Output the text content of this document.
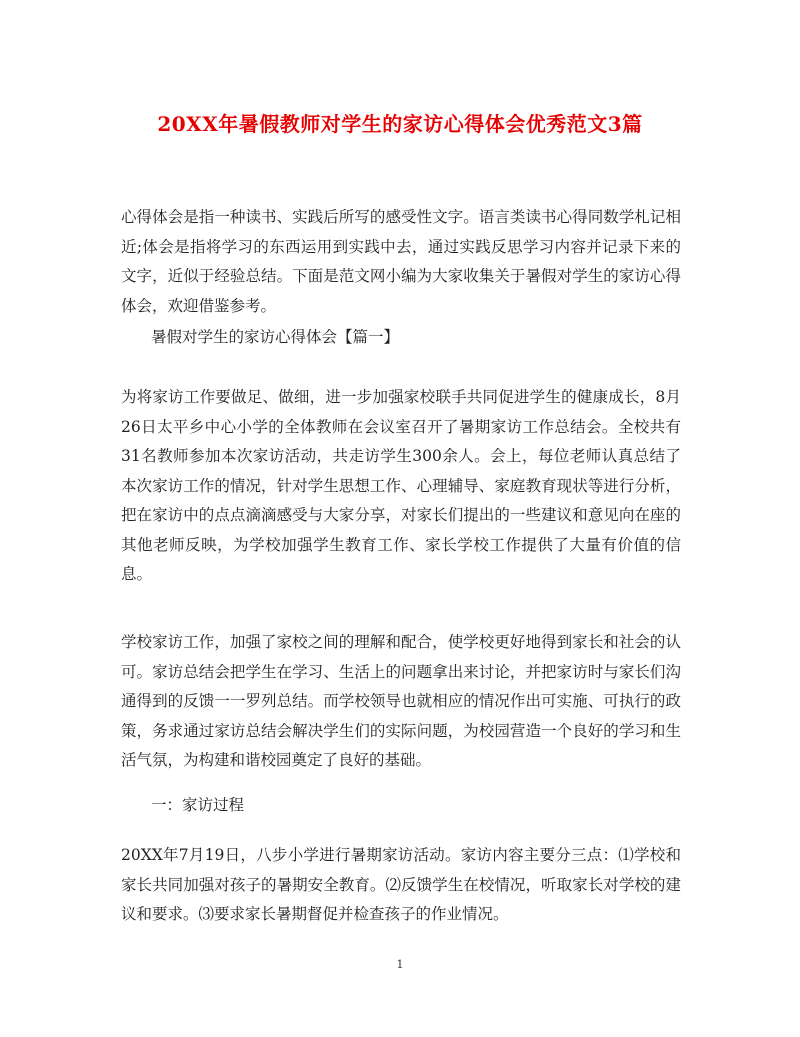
20XX年暑假教师对学生的家访心得体会优秀范文3篇

心得体会是指一种读书、实践后所写的感受性文字。语言类读书心得同数学札记相近;体会是指将学习的东西运用到实践中去，通过实践反思学习内容并记录下来的文字，近似于经验总结。下面是范文网小编为大家收集关于暑假对学生的家访心得体会，欢迎借鉴参考。

暑假对学生的家访心得体会【篇一】

为将家访工作要做足、做细，进一步加强家校联手共同促进学生的健康成长，8月26日太平乡中心小学的全体教师在会议室召开了暑期家访工作总结会。全校共有31名教师参加本次家访活动，共走访学生300余人。会上，每位老师认真总结了本次家访工作的情况，针对学生思想工作、心理辅导、家庭教育现状等进行分析，把在家访中的点点滴滴感受与大家分享，对家长们提出的一些建议和意见向在座的其他老师反映，为学校加强学生教育工作、家长学校工作提供了大量有价值的信息。

学校家访工作，加强了家校之间的理解和配合，使学校更好地得到家长和社会的认可。家访总结会把学生在学习、生活上的问题拿出来讨论，并把家访时与家长们沟通得到的反馈一一罗列总结。而学校领导也就相应的情况作出可实施、可执行的政策，务求通过家访总结会解决学生们的实际问题，为校园营造一个良好的学习和生活气氛，为构建和谐校园奠定了良好的基础。

一：家访过程

20XX年7月19日，八步小学进行暑期家访活动。家访内容主要分三点：⑴学校和家长共同加强对孩子的暑期安全教育。⑵反馈学生在校情况，听取家长对学校的建议和要求。⑶要求家长暑期督促并检查孩子的作业情况。

1
